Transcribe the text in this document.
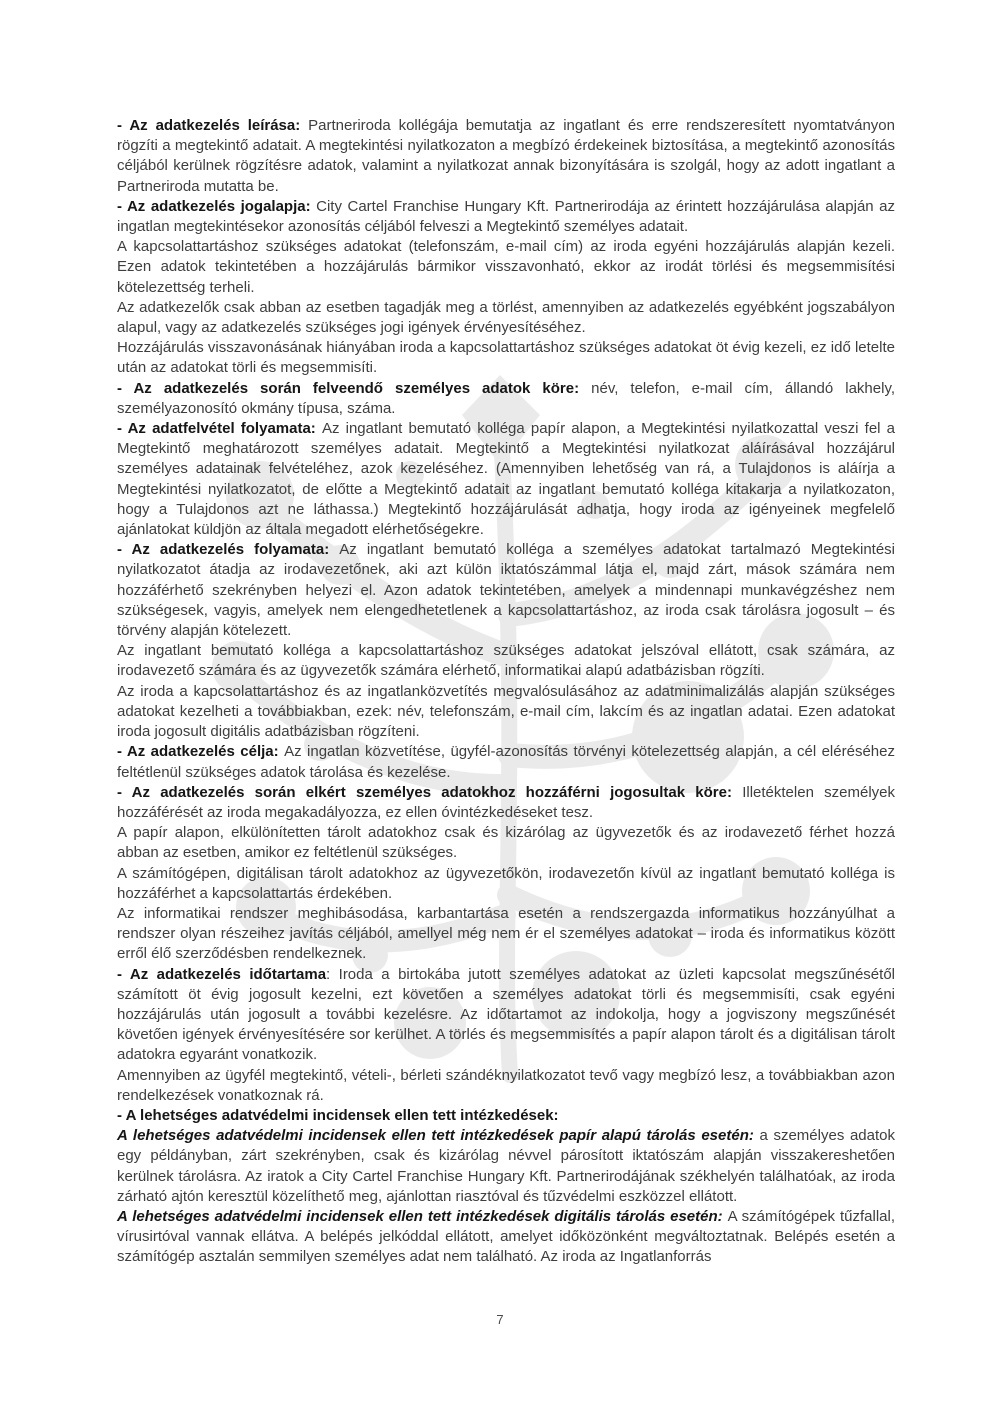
- Az adatkezelés leírása: Partneriroda kollégája bemutatja az ingatlant és erre rendszeresített nyomtatványon rögzíti a megtekintő adatait. A megtekintési nyilatkozaton a megbízó érdekeinek biztosítása, a megtekintő azonosítás céljából kerülnek rögzítésre adatok, valamint a nyilatkozat annak bizonyítására is szolgál, hogy az adott ingatlant a Partneriroda mutatta be.

- Az adatkezelés jogalapja: City Cartel Franchise Hungary Kft. Partnerirodája az érintett hozzájárulása alapján az ingatlan megtekintésekor azonosítás céljából felveszi a Megtekintő személyes adatait.

A kapcsolattartáshoz szükséges adatokat (telefonszám, e-mail cím) az iroda egyéni hozzájárulás alapján kezeli. Ezen adatok tekintetében a hozzájárulás bármikor visszavonható, ekkor az irodát törlési és megsemmisítési kötelezettség terheli.

Az adatkezelők csak abban az esetben tagadják meg a törlést, amennyiben az adatkezelés egyébként jogszabályon alapul, vagy az adatkezelés szükséges jogi igények érvényesítéséhez.

Hozzájárulás visszavonásának hiányában iroda a kapcsolattartáshoz szükséges adatokat öt évig kezeli, ez idő letelte után az adatokat törli és megsemmisíti.

- Az adatkezelés során felveendő személyes adatok köre: név, telefon, e-mail cím, állandó lakhely, személyazonosító okmány típusa, száma.

- Az adatfelvétel folyamata: Az ingatlant bemutató kolléga papír alapon, a Megtekintési nyilatkozattal veszi fel a Megtekintő meghatározott személyes adatait. Megtekintő a Megtekintési nyilatkozat aláírásával hozzájárul személyes adatainak felvételéhez, azok kezeléséhez. (Amennyiben lehetőség van rá, a Tulajdonos is aláírja a Megtekintési nyilatkozatot, de előtte a Megtekintő adatait az ingatlant bemutató kolléga kitakarja a nyilatkozaton, hogy a Tulajdonos azt ne láthassa.) Megtekintő hozzájárulását adhatja, hogy iroda az igényeinek megfelelő ajánlatokat küldjön az általa megadott elérhetőségekre.

- Az adatkezelés folyamata: Az ingatlant bemutató kolléga a személyes adatokat tartalmazó Megtekintési nyilatkozatot átadja az irodavezetőnek, aki azt külön iktatószámmal látja el, majd zárt, mások számára nem hozzáférhető szekrényben helyezi el. Azon adatok tekintetében, amelyek a mindennapi munkavégzéshez nem szükségesek, vagyis, amelyek nem elengedhetetlenek a kapcsolattartáshoz, az iroda csak tárolásra jogosult – és törvény alapján kötelezett.

Az ingatlant bemutató kolléga a kapcsolattartáshoz szükséges adatokat jelszóval ellátott, csak számára, az irodavezető számára és az ügyvezetők számára elérhető, informatikai alapú adatbázisban rögzíti.

Az iroda a kapcsolattartáshoz és az ingatlanközvetítés megvalósulásához az adatminimalizálás alapján szükséges adatokat kezelheti a továbbiakban, ezek: név, telefonszám, e-mail cím, lakcím és az ingatlan adatai. Ezen adatokat iroda jogosult digitális adatbázisban rögzíteni.

- Az adatkezelés célja: Az ingatlan közvetítése, ügyfél-azonosítás törvényi kötelezettség alapján, a cél eléréséhez feltétlenül szükséges adatok tárolása és kezelése.

- Az adatkezelés során elkért személyes adatokhoz hozzáférni jogosultak köre: Illetéktelen személyek hozzáférését az iroda megakadályozza, ez ellen óvintézkedéseket tesz.

A papír alapon, elkülönítetten tárolt adatokhoz csak és kizárólag az ügyvezetők és az irodavezető férhet hozzá abban az esetben, amikor ez feltétlenül szükséges.

A számítógépen, digitálisan tárolt adatokhoz az ügyvezetőkön, irodavezetőn kívül az ingatlant bemutató kolléga is hozzáférhet a kapcsolattartás érdekében.

Az informatikai rendszer meghibásodása, karbantartása esetén a rendszergazda informatikus hozzányúlhat a rendszer olyan részeihez javítás céljából, amellyel még nem ér el személyes adatokat – iroda és informatikus között erről élő szerződésben rendelkeznek.

- Az adatkezelés időtartama: Iroda a birtokába jutott személyes adatokat az üzleti kapcsolat megszűnésétől számított öt évig jogosult kezelni, ezt követően a személyes adatokat törli és megsemmisíti, csak egyéni hozzájárulás után jogosult a további kezelésre. Az időtartamot az indokolja, hogy a jogviszony megszűnését követően igények érvényesítésére sor kerülhet. A törlés és megsemmisítés a papír alapon tárolt és a digitálisan tárolt adatokra egyaránt vonatkozik.

Amennyiben az ügyfél megtekintő, vételi-, bérleti szándéknyilatkozatot tevő vagy megbízó lesz, a továbbiakban azon rendelkezések vonatkoznak rá.

- A lehetséges adatvédelmi incidensek ellen tett intézkedések:

A lehetséges adatvédelmi incidensek ellen tett intézkedések papír alapú tárolás esetén: a személyes adatok egy példányban, zárt szekrényben, csak és kizárólag névvel párosított iktatószám alapján visszakereshetően kerülnek tárolásra. Az iratok a City Cartel Franchise Hungary Kft. Partnerirodájának székhelyén találhatóak, az iroda zárható ajtón keresztül közelíthető meg, ajánlottan riasztóval és tűzvédelmi eszközzel ellátott.

A lehetséges adatvédelmi incidensek ellen tett intézkedések digitális tárolás esetén: A számítógépek tűzfallal, vírusirtóval vannak ellátva. A belépés jelkóddal ellátott, amelyet időközönként megváltoztatnak. Belépés esetén a számítógép asztalán semmilyen személyes adat nem található. Az iroda az Ingatlanforrás

7
